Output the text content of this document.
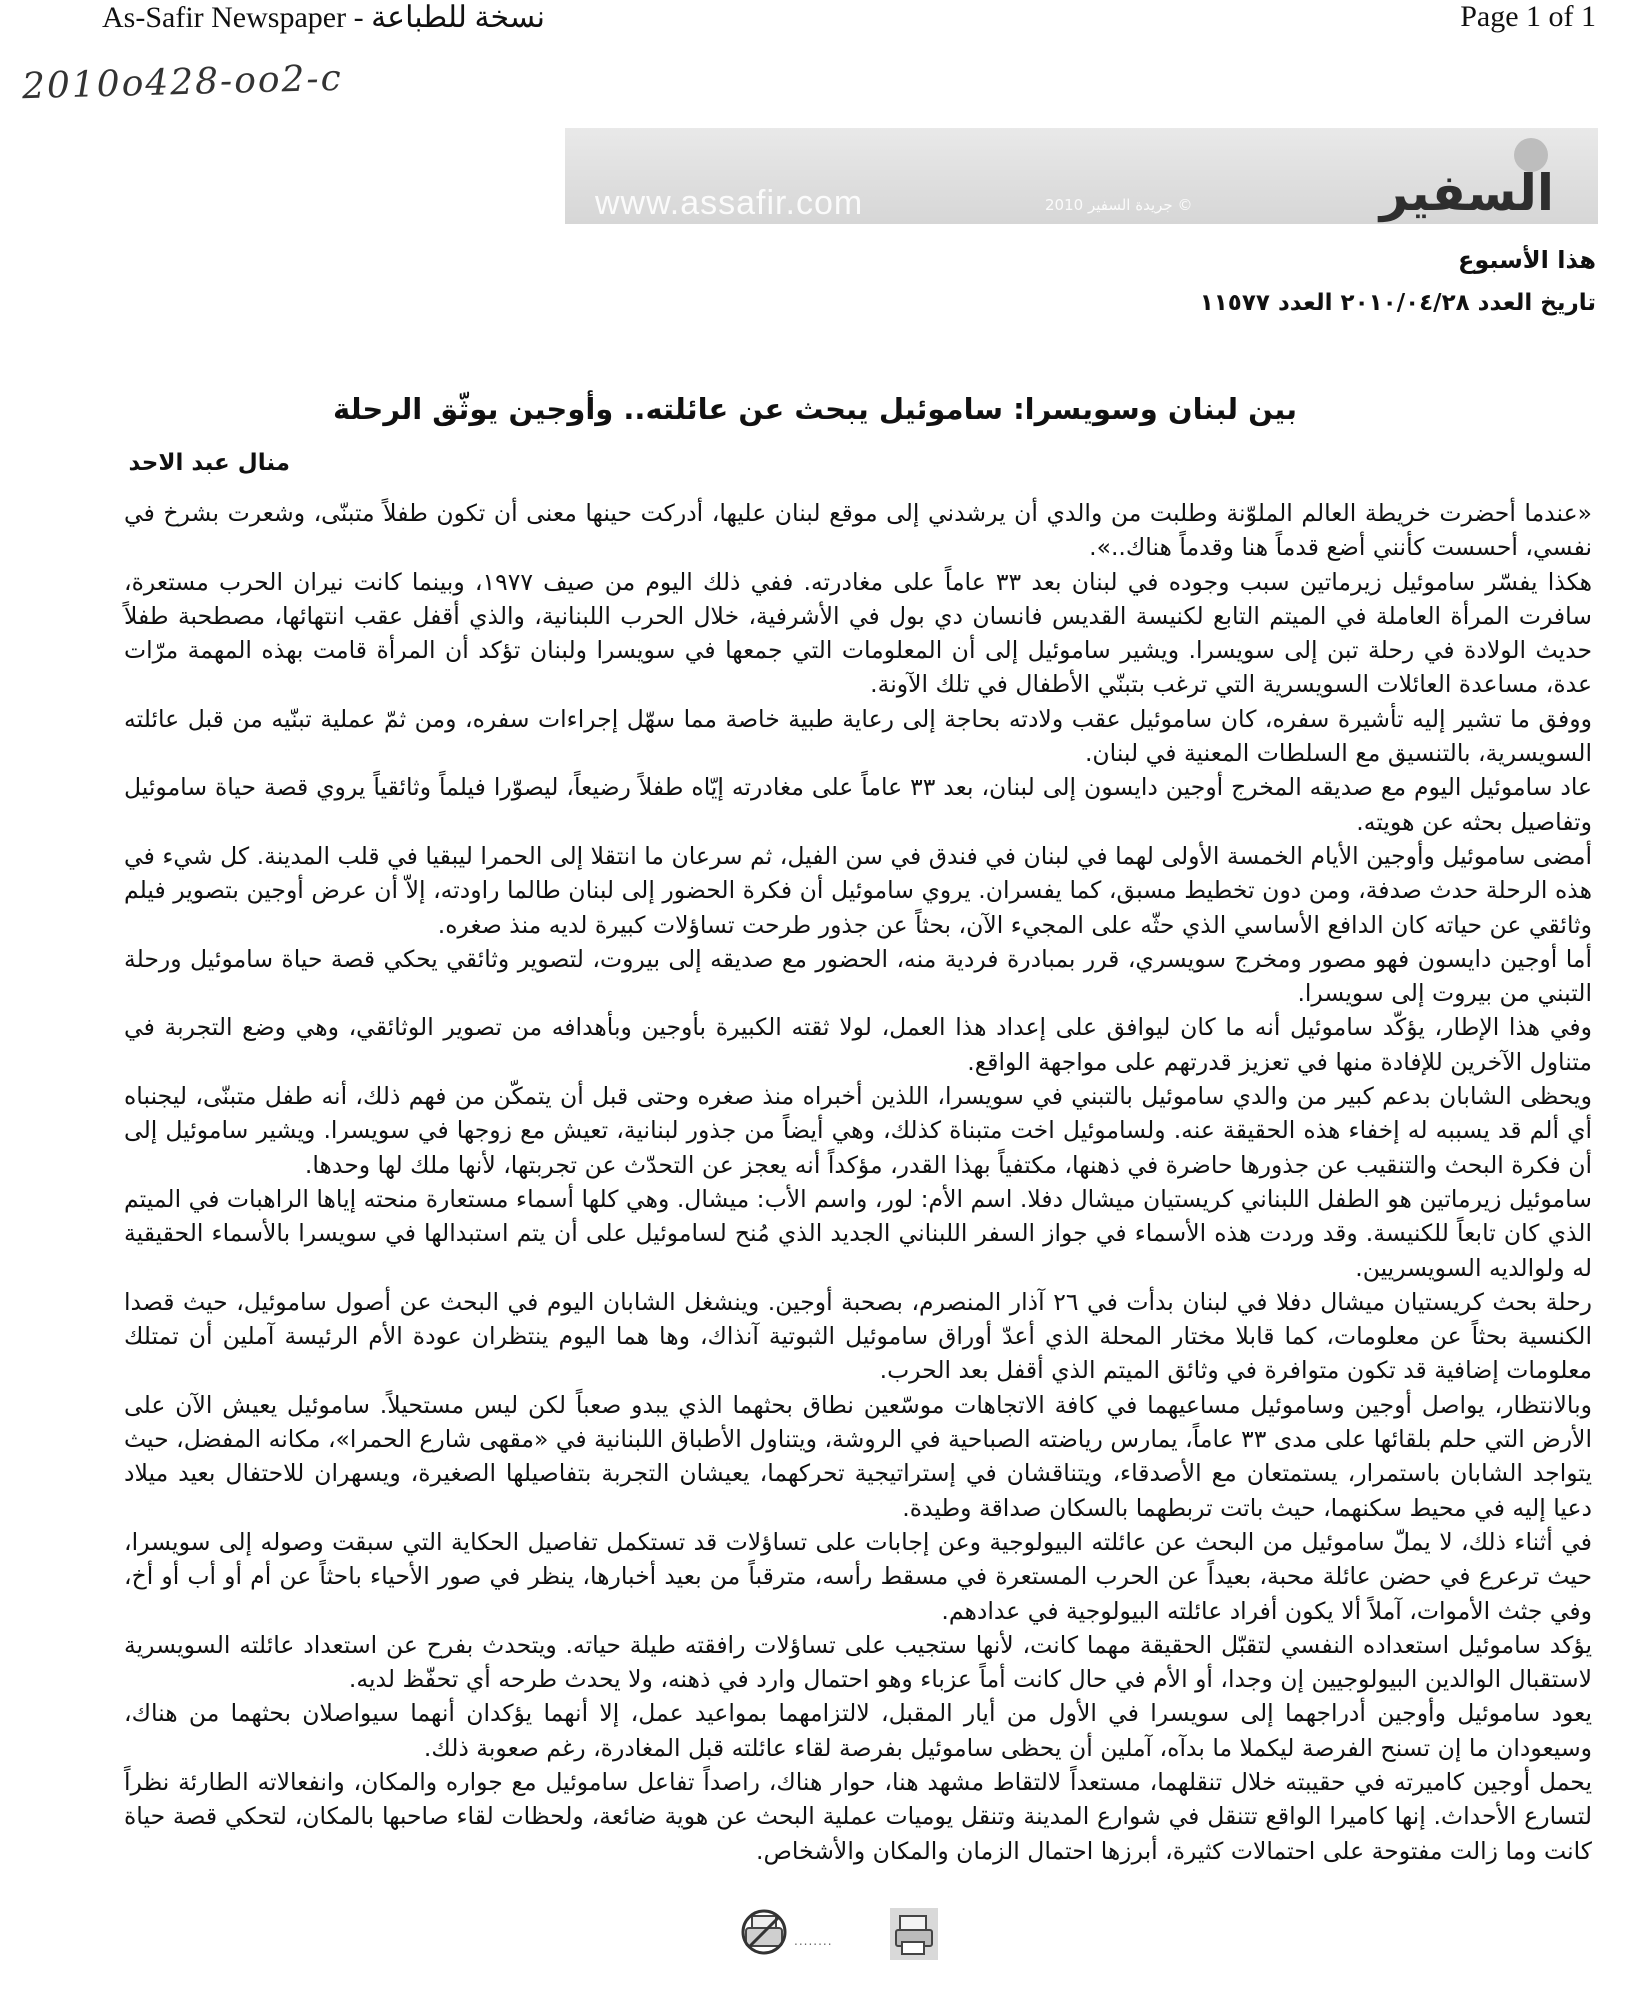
As-Safir Newspaper - نسخة للطباعة	Page 1 of 1
2010o428-oo2-c
www.assafir.com	جريدة السفير 2010 ©	السفير
هذا الأسبوع
تاريخ العدد ٢٠١٠/٠٤/٢٨ العدد ١١٥٧٧
بين لبنان وسويسرا: ساموئيل يبحث عن عائلته.. وأوجين يوثّق الرحلة
منال عبد الاحد

«عندما أحضرت خريطة العالم الملوّنة وطلبت من والدي أن يرشدني إلى موقع لبنان عليها، أدركت حينها معنى أن تكون طفلاً متبنّى، وشعرت بشرخ في نفسي، أحسست كأنني أضع قدماً هنا وقدماً هناك..».

هكذا يفسّر ساموئيل زيرماتين سبب وجوده في لبنان بعد ٣٣ عاماً على مغادرته. ففي ذلك اليوم من صيف ١٩٧٧، وبينما كانت نيران الحرب مستعرة، سافرت المرأة العاملة في الميتم التابع لكنيسة القديس فانسان دي بول في الأشرفية، خلال الحرب اللبنانية، والذي أقفل عقب انتهائها، مصطحبة طفلاً حديث الولادة في رحلة تبن إلى سويسرا. ويشير ساموئيل إلى أن المعلومات التي جمعها في سويسرا ولبنان تؤكد أن المرأة قامت بهذه المهمة مرّات عدة، مساعدة العائلات السويسرية التي ترغب بتبنّي الأطفال في تلك الآونة.

ووفق ما تشير إليه تأشيرة سفره، كان ساموئيل عقب ولادته بحاجة إلى رعاية طبية خاصة مما سهّل إجراءات سفره، ومن ثمّ عملية تبنّيه من قبل عائلته السويسرية، بالتنسيق مع السلطات المعنية في لبنان.

عاد ساموئيل اليوم مع صديقه المخرج أوجين دايسون إلى لبنان، بعد ٣٣ عاماً على مغادرته إيّاه طفلاً رضيعاً، ليصوّرا فيلماً وثائقياً يروي قصة حياة ساموئيل وتفاصيل بحثه عن هويته.

أمضى ساموئيل وأوجين الأيام الخمسة الأولى لهما في لبنان في فندق في سن الفيل، ثم سرعان ما انتقلا إلى الحمرا ليبقيا في قلب المدينة. كل شيء في هذه الرحلة حدث صدفة، ومن دون تخطيط مسبق، كما يفسران. يروي ساموئيل أن فكرة الحضور إلى لبنان طالما راودته، إلاّ أن عرض أوجين بتصوير فيلم وثائقي عن حياته كان الدافع الأساسي الذي حثّه على المجيء الآن، بحثاً عن جذور طرحت تساؤلات كبيرة لديه منذ صغره.

أما أوجين دايسون فهو مصور ومخرج سويسري، قرر بمبادرة فردية منه، الحضور مع صديقه إلى بيروت، لتصوير وثائقي يحكي قصة حياة ساموئيل ورحلة التبني من بيروت إلى سويسرا.

وفي هذا الإطار، يؤكّد ساموئيل أنه ما كان ليوافق على إعداد هذا العمل، لولا ثقته الكبيرة بأوجين وبأهدافه من تصوير الوثائقي، وهي وضع التجربة في متناول الآخرين للإفادة منها في تعزيز قدرتهم على مواجهة الواقع.

ويحظى الشابان بدعم كبير من والدي ساموئيل بالتبني في سويسرا، اللذين أخبراه منذ صغره وحتى قبل أن يتمكّن من فهم ذلك، أنه طفل متبنّى، ليجنباه أي ألم قد يسببه له إخفاء هذه الحقيقة عنه. ولساموئيل اخت متبناة كذلك، وهي أيضاً من جذور لبنانية، تعيش مع زوجها في سويسرا. ويشير ساموئيل إلى أن فكرة البحث والتنقيب عن جذورها حاضرة في ذهنها، مكتفياً بهذا القدر، مؤكداً أنه يعجز عن التحدّث عن تجربتها، لأنها ملك لها وحدها.

ساموئيل زيرماتين هو الطفل اللبناني كريستيان ميشال دفلا. اسم الأم: لور، واسم الأب: ميشال. وهي كلها أسماء مستعارة منحته إياها الراهبات في الميتم الذي كان تابعاً للكنيسة. وقد وردت هذه الأسماء في جواز السفر اللبناني الجديد الذي مُنح لساموئيل على أن يتم استبدالها في سويسرا بالأسماء الحقيقية له ولوالديه السويسريين.

رحلة بحث كريستيان ميشال دفلا في لبنان بدأت في ٢٦ آذار المنصرم، بصحبة أوجين. وينشغل الشابان اليوم في البحث عن أصول ساموئيل، حيث قصدا الكنسية بحثاً عن معلومات، كما قابلا مختار المحلة الذي أعدّ أوراق ساموئيل الثبوتية آنذاك، وها هما اليوم ينتظران عودة الأم الرئيسة آملين أن تمتلك معلومات إضافية قد تكون متوافرة في وثائق الميتم الذي أقفل بعد الحرب.

وبالانتظار، يواصل أوجين وساموئيل مساعيهما في كافة الاتجاهات موسّعين نطاق بحثهما الذي يبدو صعباً لكن ليس مستحيلاً. ساموئيل يعيش الآن على الأرض التي حلم بلقائها على مدى ٣٣ عاماً، يمارس رياضته الصباحية في الروشة، ويتناول الأطباق اللبنانية في «مقهى شارع الحمرا»، مكانه المفضل، حيث يتواجد الشابان باستمرار، يستمتعان مع الأصدقاء، ويتناقشان في إستراتيجية تحركهما، يعيشان التجربة بتفاصيلها الصغيرة، ويسهران للاحتفال بعيد ميلاد دعيا إليه في محيط سكنهما، حيث باتت تربطهما بالسكان صداقة وطيدة.

في أثناء ذلك، لا يملّ ساموئيل من البحث عن عائلته البيولوجية وعن إجابات على تساؤلات قد تستكمل تفاصيل الحكاية التي سبقت وصوله إلى سويسرا، حيث ترعرع في حضن عائلة محبة، بعيداً عن الحرب المستعرة في مسقط رأسه، مترقباً من بعيد أخبارها، ينظر في صور الأحياء باحثاً عن أم أو أب أو أخ، وفي جثث الأموات، آملاً ألا يكون أفراد عائلته البيولوجية في عدادهم.

يؤكد ساموئيل استعداده النفسي لتقبّل الحقيقة مهما كانت، لأنها ستجيب على تساؤلات رافقته طيلة حياته. ويتحدث بفرح عن استعداد عائلته السويسرية لاستقبال الوالدين البيولوجيين إن وجدا، أو الأم في حال كانت أماً عزباء وهو احتمال وارد في ذهنه، ولا يحدث طرحه أي تحفّظ لديه.

يعود ساموئيل وأوجين أدراجهما إلى سويسرا في الأول من أيار المقبل، لالتزامهما بمواعيد عمل، إلا أنهما يؤكدان أنهما سيواصلان بحثهما من هناك، وسيعودان ما إن تسنح الفرصة ليكملا ما بدآه، آملين أن يحظى ساموئيل بفرصة لقاء عائلته قبل المغادرة، رغم صعوبة ذلك.

يحمل أوجين كاميرته في حقيبته خلال تنقلهما، مستعداً لالتقاط مشهد هنا، حوار هناك، راصداً تفاعل ساموئيل مع جواره والمكان، وانفعالاته الطارئة نظراً لتسارع الأحداث. إنها كاميرا الواقع تتنقل في شوارع المدينة وتنقل يوميات عملية البحث عن هوية ضائعة، ولحظات لقاء صاحبها بالمكان، لتحكي قصة حياة كانت وما زالت مفتوحة على احتمالات كثيرة، أبرزها احتمال الزمان والمكان والأشخاص.

........
